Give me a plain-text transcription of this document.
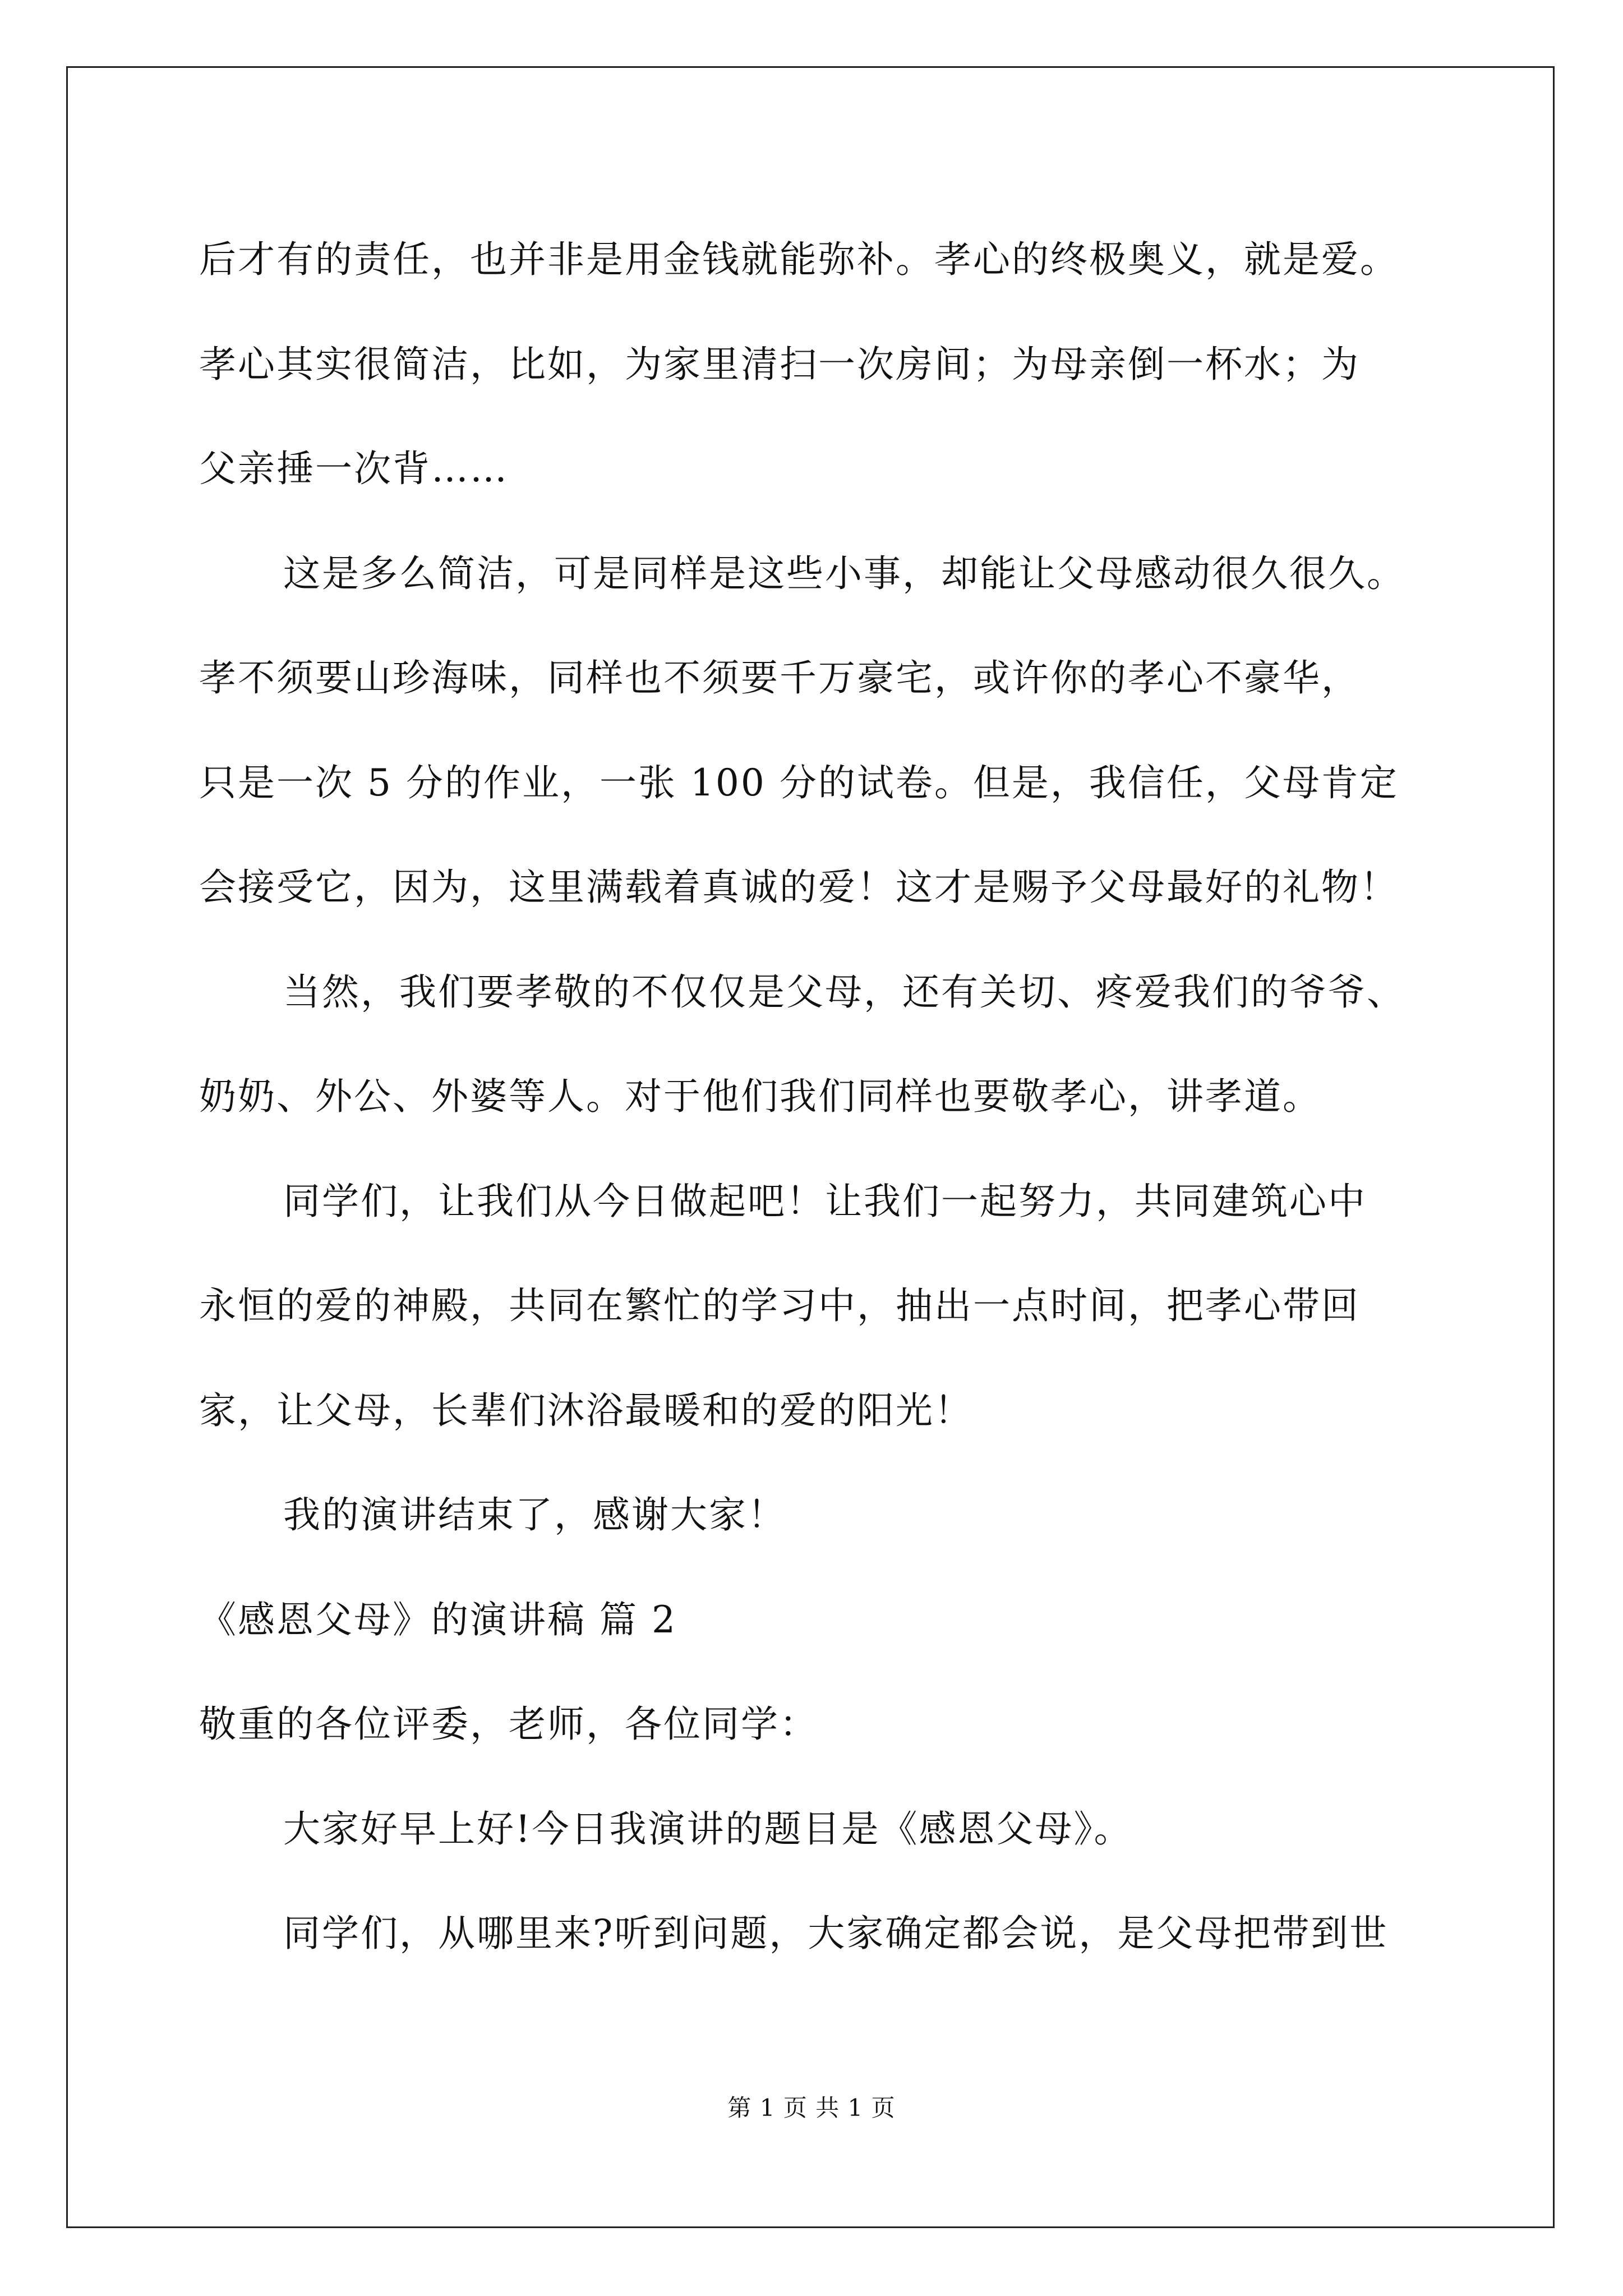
后才有的责任，也并非是用金钱就能弥补。孝心的终极奥义，就是爱。
孝心其实很简洁，比如，为家里清扫一次房间；为母亲倒一杯水；为
父亲捶一次背……
这是多么简洁，可是同样是这些小事，却能让父母感动很久很久。
孝不须要山珍海味，同样也不须要千万豪宅，或许你的孝心不豪华，
只是一次 5 分的作业，一张 100 分的试卷。但是，我信任，父母肯定
会接受它，因为，这里满载着真诚的爱！这才是赐予父母最好的礼物！
当然，我们要孝敬的不仅仅是父母，还有关切、疼爱我们的爷爷、
奶奶、外公、外婆等人。对于他们我们同样也要敬孝心，讲孝道。
同学们，让我们从今日做起吧！让我们一起努力，共同建筑心中
永恒的爱的神殿，共同在繁忙的学习中，抽出一点时间，把孝心带回
家，让父母，长辈们沐浴最暖和的爱的阳光！
我的演讲结束了，感谢大家！
《感恩父母》的演讲稿 篇 2
敬重的各位评委，老师，各位同学：
大家好早上好!今日我演讲的题目是《感恩父母》。
同学们，从哪里来?听到问题，大家确定都会说，是父母把带到世
第 1 页 共 1 页
